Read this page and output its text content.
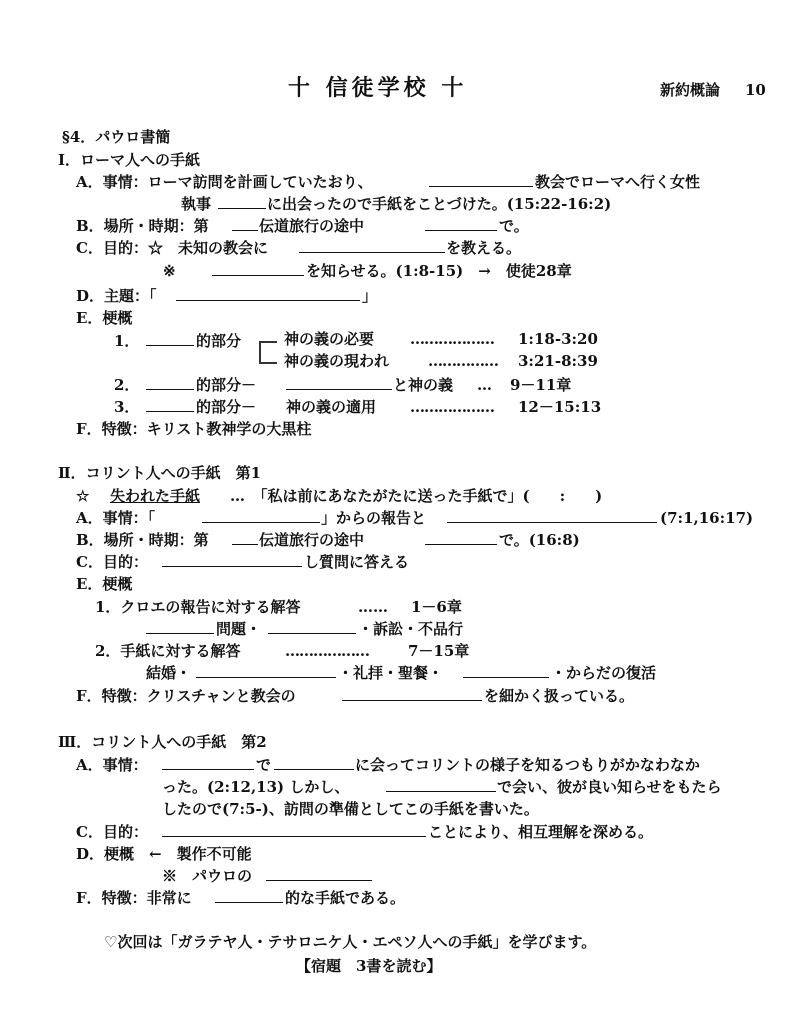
十 信徒学校 十	新約概論 10
§4．パウロ書簡
Ⅰ．ローマ人への手紙
A．事情：ローマ訪問を計画していたおり、	教会でローマへ行く女性
執事	に出会ったので手紙をことづけた。(15:22-16:2)
B．場所・時期：第	伝道旅行の途中	で。
C．目的：☆　未知の教会に	を教える。
※	を知らせる。(1:8-15)　→　使徒28章
D．主題：「	」
E．梗概
1．	的部分	神の義の必要 ……………… 1:18-3:20
神の義の現われ	…………… 3:21-8:39
2．	的部分－	と神の義 … 9－11章
3．	的部分－ 神の義の適用 ……………… 12－15:13
F．特徴：キリスト教神学の大黒柱
Ⅱ．コリント人への手紙　第1
☆ 失われた手紙 …　「私は前にあなたがたに送った手紙で」(　　:　　)
A．事情：「	」からの報告と	(7:1,16:17)
B．場所・時期：第	伝道旅行の途中	で。(16:8)
C．目的：	し質問に答える
E．梗概
1．クロエの報告に対する解答	…… 1－6章
問題・	・訴訟・不品行
2．手紙に対する解答	………………	7－15章
結婚・	・礼拝・聖餐・	・からだの復活
F．特徴：クリスチャンと教会の	を細かく扱っている。
Ⅲ．コリント人への手紙　第2
A．事情：	で	に会ってコリントの様子を知るつもりがかなわなか
った。(2:12,13) しかし、	で会い、彼が良い知らせをもたら
したので(7:5-)、訪問の準備としてこの手紙を書いた。
C．目的：	ことにより、相互理解を深める。
D．梗概　←　製作不可能
※　パウロの
F．特徴：非常に	的な手紙である。
♡次回は「ガラテヤ人・テサロニケ人・エペソ人への手紙」を学びます。
【宿題　3書を読む】
